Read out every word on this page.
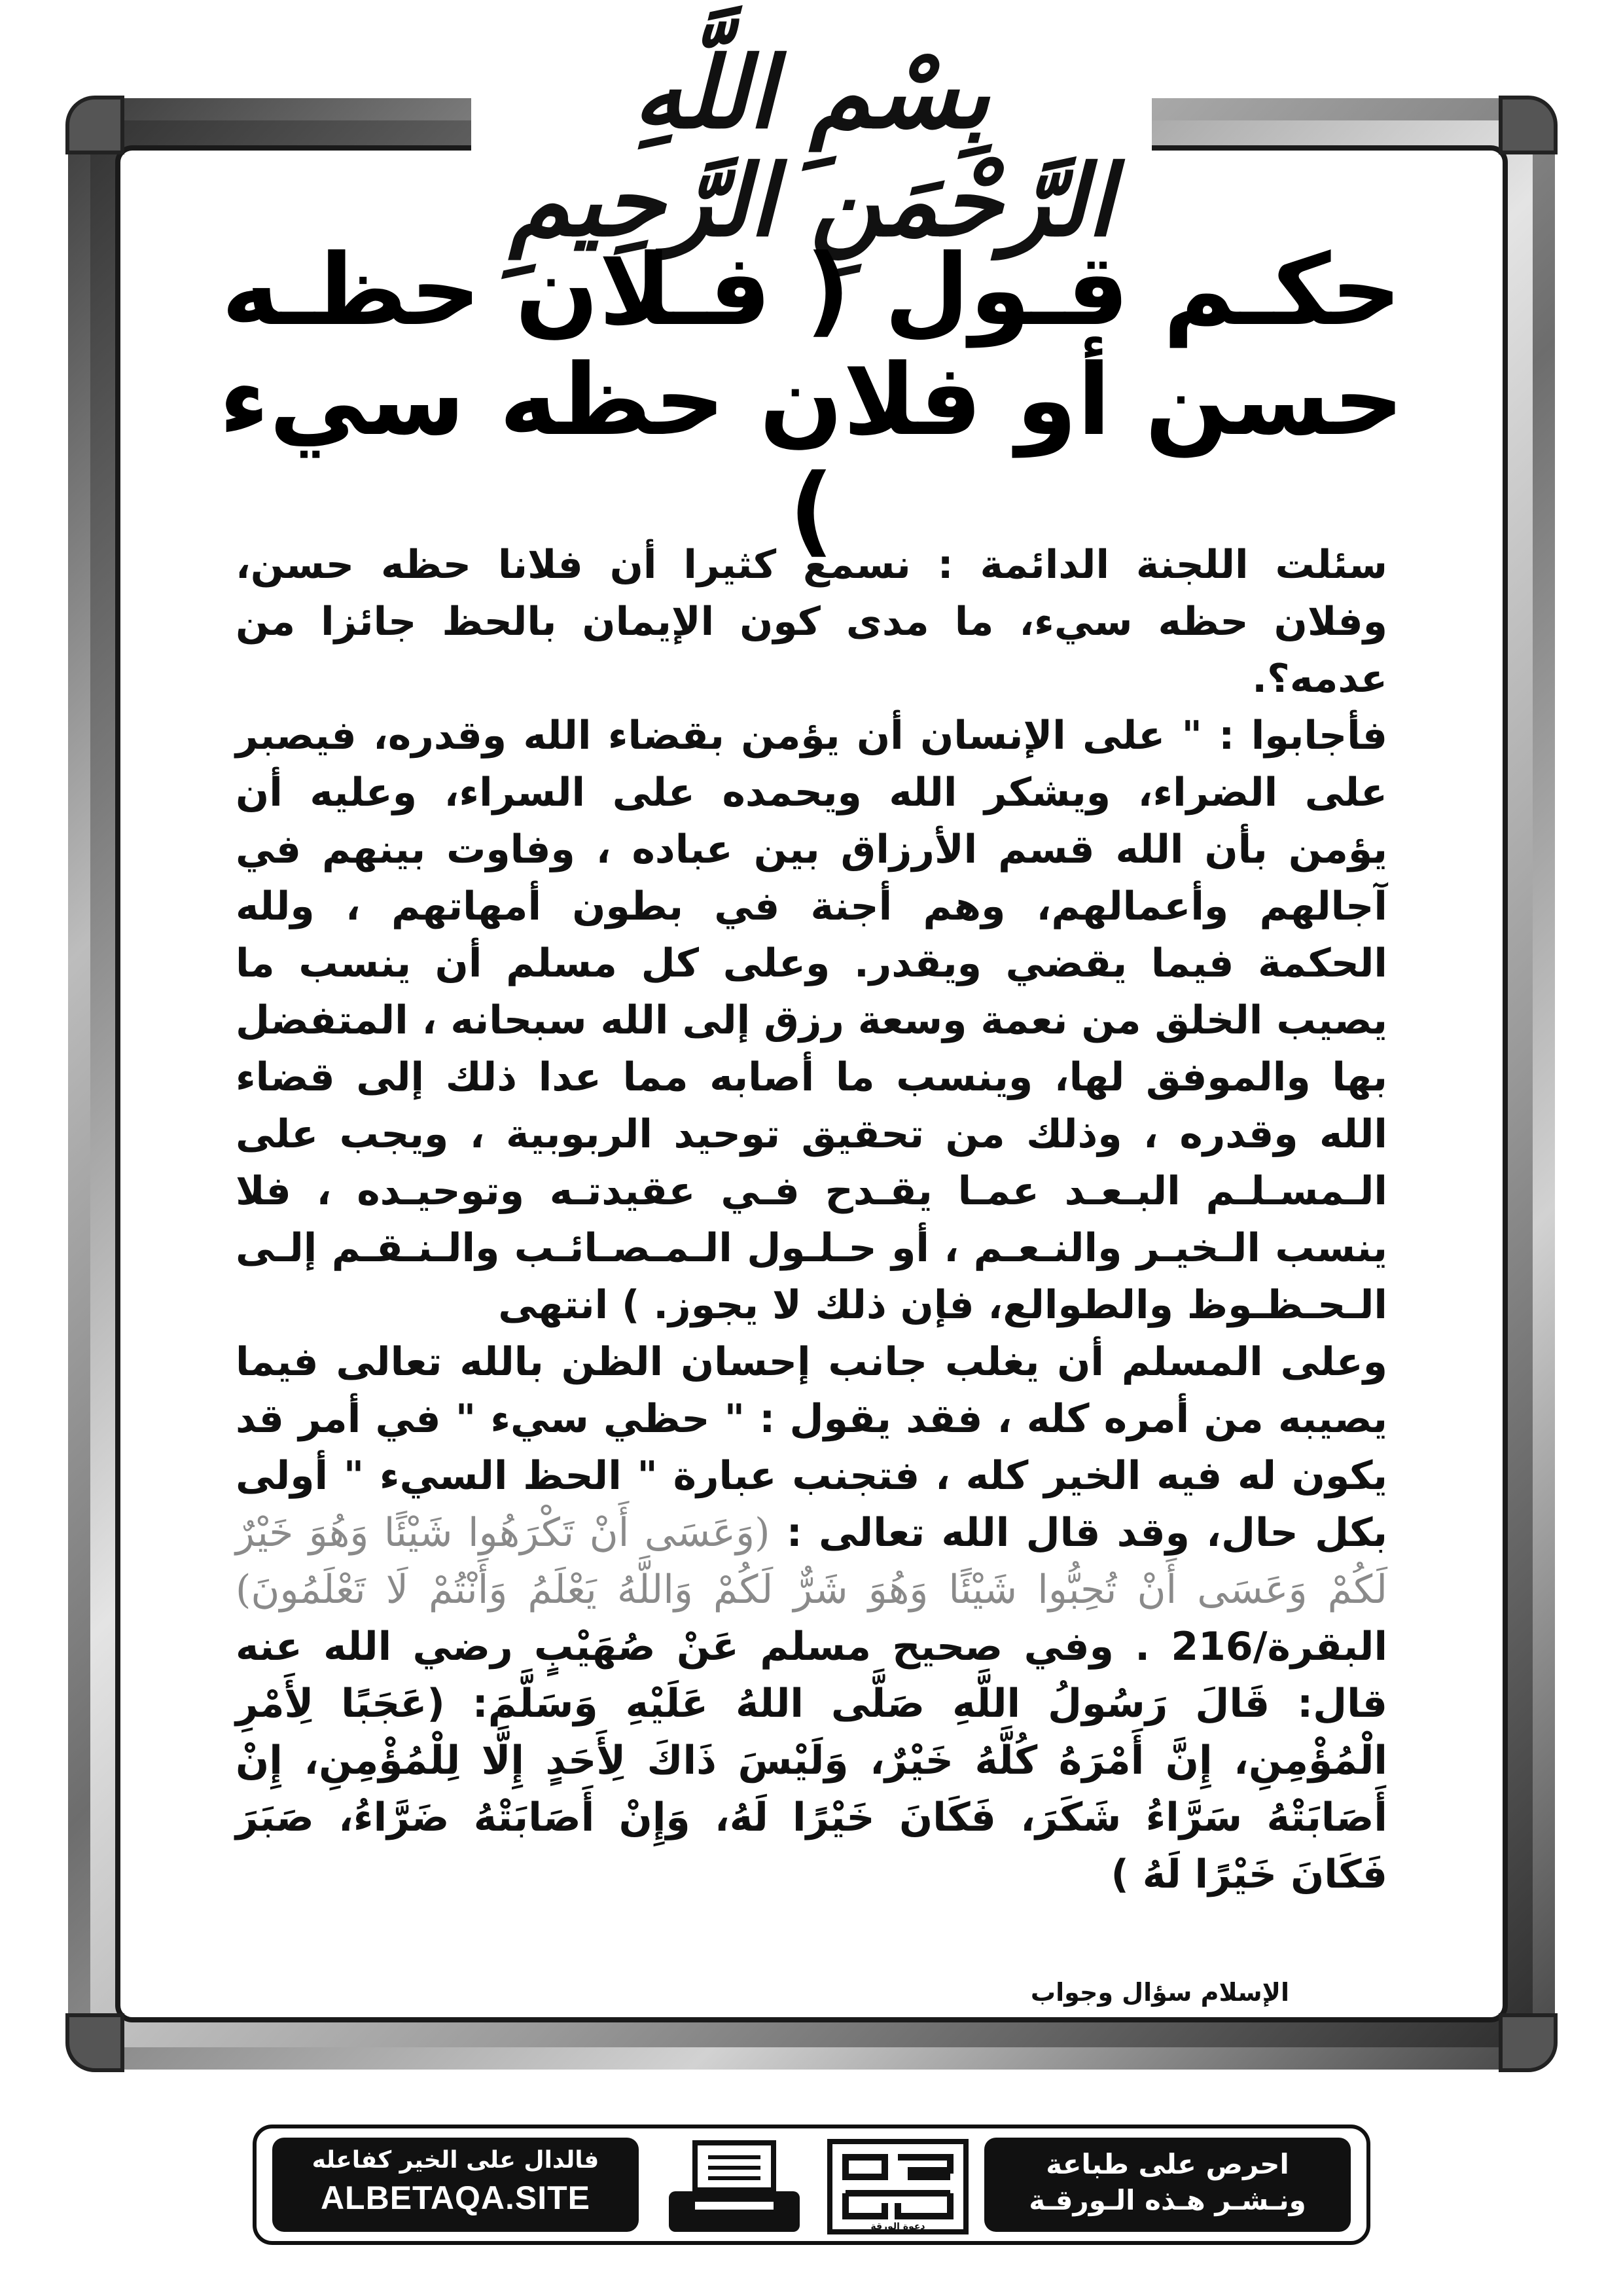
بِسْمِ اللَّهِ الرَّحْمَنِ الرَّحِيمِ
حكـم قـول ( فـلان حظـه
حسن أو فلان حظه سيء )

سئلت اللجنة الدائمة : نسمع كثيرا أن فلانا حظه حسن، وفلان حظه سيء، ما مدى كون الإيمان بالحظ جائزا من عدمه؟.

فأجابوا : " على الإنسان أن يؤمن بقضاء الله وقدره، فيصبر على الضراء، ويشكر الله ويحمده على السراء، وعليه أن يؤمن بأن الله قسم الأرزاق بين عباده ، وفاوت بينهم في آجالهم وأعمالهم، وهم أجنة في بطون أمهاتهم ، ولله الحكمة فيما يقضي ويقدر. وعلى كل مسلم أن ينسب ما يصيب الخلق من نعمة وسعة رزق إلى الله سبحانه ، المتفضل بها والموفق لها، وينسب ما أصابه مما عدا ذلك إلى قضاء الله وقدره ، وذلك من تحقيق توحيد الربوبية ، ويجب على الـمسـلـم البـعـد عمـا يقـدح فـي عقيدتـه وتوحيـده ، فلا ينسب الـخيـر والنـعـم ، أو حـلـول الـمـصـائـب والـنـقـم إلـى الـحـظـوظ والطوالع، فإن ذلك لا يجوز. ) انتهى

وعلى المسلم أن يغلب جانب إحسان الظن بالله تعالى فيما يصيبه من أمره كله ، فقد يقول : " حظي سيء " في أمر قد يكون له فيه الخير كله ، فتجنب عبارة " الحظ السيء " أولى بكل حال، وقد قال الله تعالى : (وَعَسَى أَنْ تَكْرَهُوا شَيْئًا وَهُوَ خَيْرٌ لَكُمْ وَعَسَى أَنْ تُحِبُّوا شَيْئًا وَهُوَ شَرٌّ لَكُمْ وَاللَّهُ يَعْلَمُ وَأَنْتُمْ لَا تَعْلَمُونَ) البقرة/216 . وفي صحيح مسلم عَنْ صُهَيْبٍ رضي الله عنه قال: قَالَ رَسُولُ اللَّهِ صَلَّى اللهُ عَلَيْهِ وَسَلَّمَ: (عَجَبًا لِأَمْرِ الْمُؤْمِنِ، إِنَّ أَمْرَهُ كُلَّهُ خَيْرٌ، وَلَيْسَ ذَاكَ لِأَحَدٍ إِلَّا لِلْمُؤْمِنِ، إِنْ أَصَابَتْهُ سَرَّاءُ شَكَرَ، فَكَانَ خَيْرًا لَهُ، وَإِنْ أَصَابَتْهُ ضَرَّاءُ، صَبَرَ فَكَانَ خَيْرًا لَهُ )

الإسلام سؤال وجواب
فالدال على الخير كفاعله
ALBETAQA.SITE
دعوة الورقة
احرص على طباعة
ونـشـر هـذه الـورقـة
